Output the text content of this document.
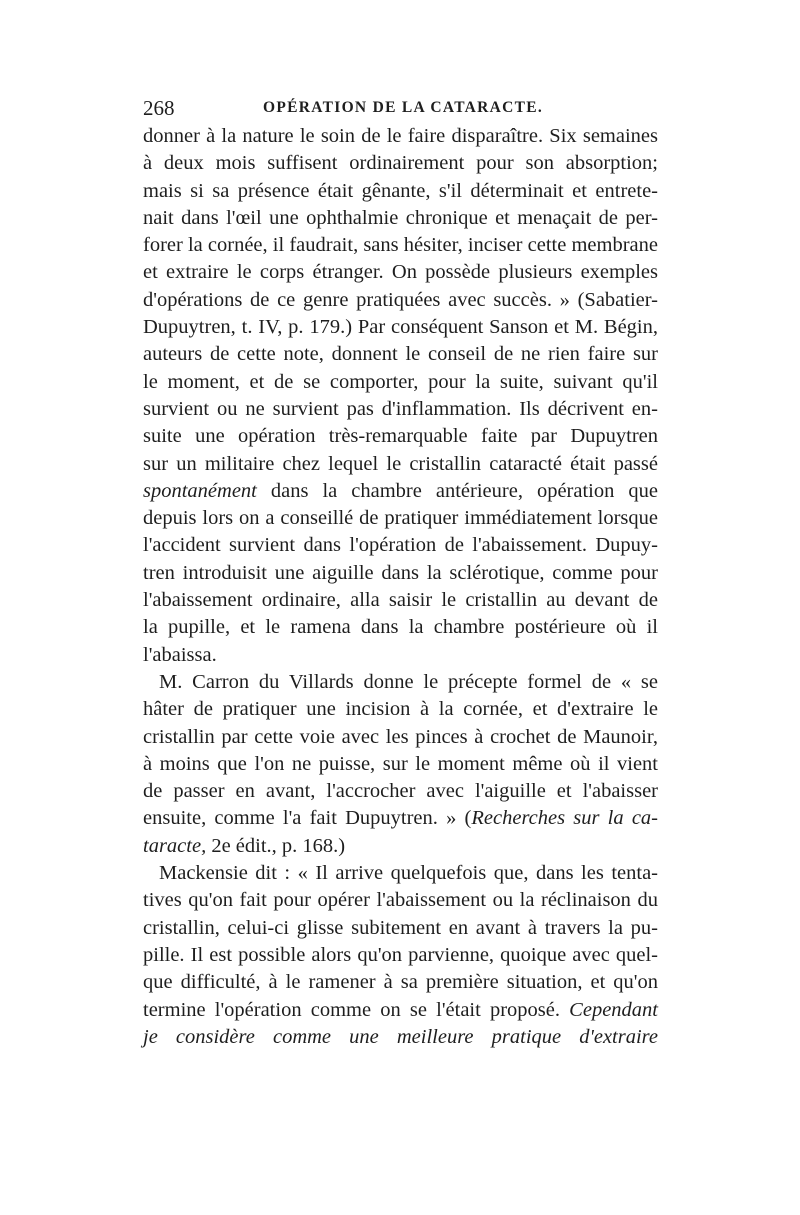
268	OPÉRATION DE LA CATARACTE.
donner à la nature le soin de le faire disparaître. Six semaines
à deux mois suffisent ordinairement pour son absorption;
mais si sa présence était gênante, s'il déterminait et entrete-
nait dans l'œil une ophthalmie chronique et menaçait de per-
forer la cornée, il faudrait, sans hésiter, inciser cette membrane
et extraire le corps étranger. On possède plusieurs exemples
d'opérations de ce genre pratiquées avec succès. » (Sabatier-
Dupuytren, t. IV, p. 179.) Par conséquent Sanson et M. Bégin,
auteurs de cette note, donnent le conseil de ne rien faire sur
le moment, et de se comporter, pour la suite, suivant qu'il
survient ou ne survient pas d'inflammation. Ils décrivent en-
suite une opération très-remarquable faite par Dupuytren
sur un militaire chez lequel le cristallin cataracté était passé
spontanément dans la chambre antérieure, opération que
depuis lors on a conseillé de pratiquer immédiatement lorsque
l'accident survient dans l'opération de l'abaissement. Dupuy-
tren introduisit une aiguille dans la sclérotique, comme pour
l'abaissement ordinaire, alla saisir le cristallin au devant de
la pupille, et le ramena dans la chambre postérieure où il
l'abaissa.
M. Carron du Villards donne le précepte formel de « se
hâter de pratiquer une incision à la cornée, et d'extraire le
cristallin par cette voie avec les pinces à crochet de Maunoir,
à moins que l'on ne puisse, sur le moment même où il vient
de passer en avant, l'accrocher avec l'aiguille et l'abaisser
ensuite, comme l'a fait Dupuytren. » (Recherches sur la ca-
taracte, 2e édit., p. 168.)
Mackensie dit : « Il arrive quelquefois que, dans les tenta-
tives qu'on fait pour opérer l'abaissement ou la réclinaison du
cristallin, celui-ci glisse subitement en avant à travers la pu-
pille. Il est possible alors qu'on parvienne, quoique avec quel-
que difficulté, à le ramener à sa première situation, et qu'on
termine l'opération comme on se l'était proposé. Cependant
je considère comme une meilleure pratique d'extraire
